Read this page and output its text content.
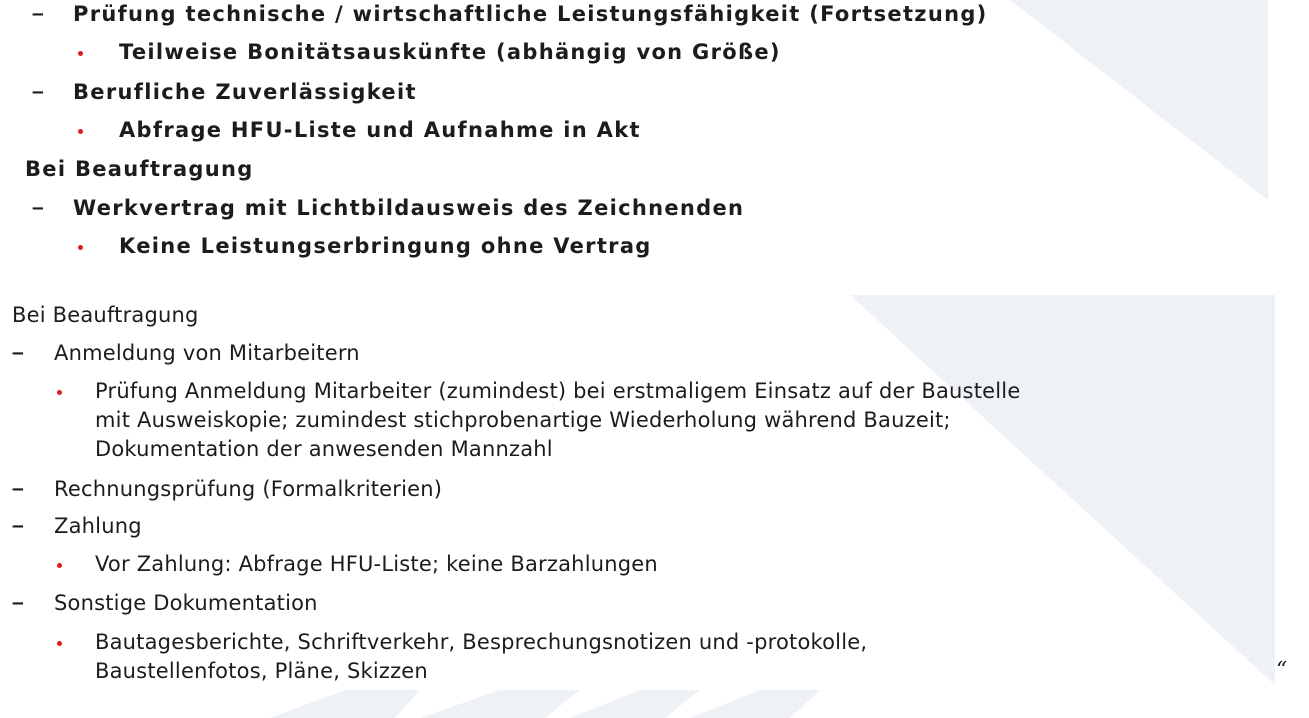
– Prüfung technische / wirtschaftliche Leistungsfähigkeit (Fortsetzung)
Teilweise Bonitätsauskünfte (abhängig von Größe)
– Berufliche Zuverlässigkeit
Abfrage HFU-Liste und Aufnahme in Akt
Bei Beauftragung
– Werkvertrag mit Lichtbildausweis des Zeichnenden
Keine Leistungserbringung ohne Vertrag
Bei Beauftragung
– Anmeldung von Mitarbeitern
Prüfung Anmeldung Mitarbeiter (zumindest) bei erstmaligem Einsatz auf der Baustelle
mit Ausweiskopie; zumindest stichprobenartige Wiederholung während Bauzeit;
Dokumentation der anwesenden Mannzahl
– Rechnungsprüfung (Formalkriterien)
– Zahlung
Vor Zahlung: Abfrage HFU-Liste; keine Barzahlungen
– Sonstige Dokumentation
Bautagesberichte, Schriftverkehr, Besprechungsnotizen und -protokolle,
Baustellenfotos, Pläne, Skizzen	“
